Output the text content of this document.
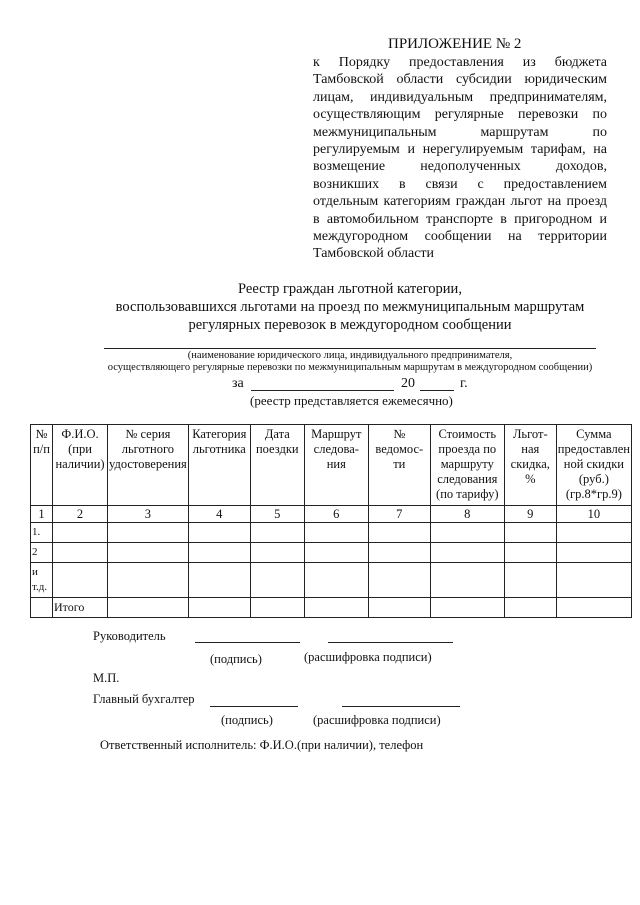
ПРИЛОЖЕНИЕ № 2
к Порядку предоставления из бюджета Тамбовской области субсидии юридическим лицам, индивидуальным предпринимателям, осуществляющим регулярные перевозки по межмуниципальным маршрутам по регулируемым и нерегулируемым тарифам, на возмещение недополученных доходов, возникших в связи с предоставлением отдельным категориям граждан льгот на проезд в автомобильном транспорте в пригородном и междугородном сообщении на территории Тамбовской области
Реестр граждан льготной категории,
воспользовавшихся льготами на проезд по межмуниципальным маршрутам
регулярных перевозок в междугородном сообщении
(наименование юридического лица, индивидуального предпринимателя,
осуществляющего регулярные перевозки по межмуниципальным маршрутам в междугородном сообщении)
за	20	г.
(реестр представляется ежемесячно)
№ п/п	Ф.И.О. (при наличии)	№ серия льготного удостоверения	Категория льготника	Дата поездки	Маршрут следова-ния	№ ведомос-ти	Стоимость проезда по маршруту следования (по тарифу)	Льгот-ная скидка, %	Сумма предоставлен ной скидки (руб.) (гр.8*гр.9)
1	2	3	4	5	6	7	8	9	10
1.									
2									
и т.д.									
	Итого								
Руководитель
(подпись)	(расшифровка подписи)
М.П.
Главный бухгалтер
(подпись)	(расшифровка подписи)
Ответственный исполнитель: Ф.И.О.(при наличии), телефон
